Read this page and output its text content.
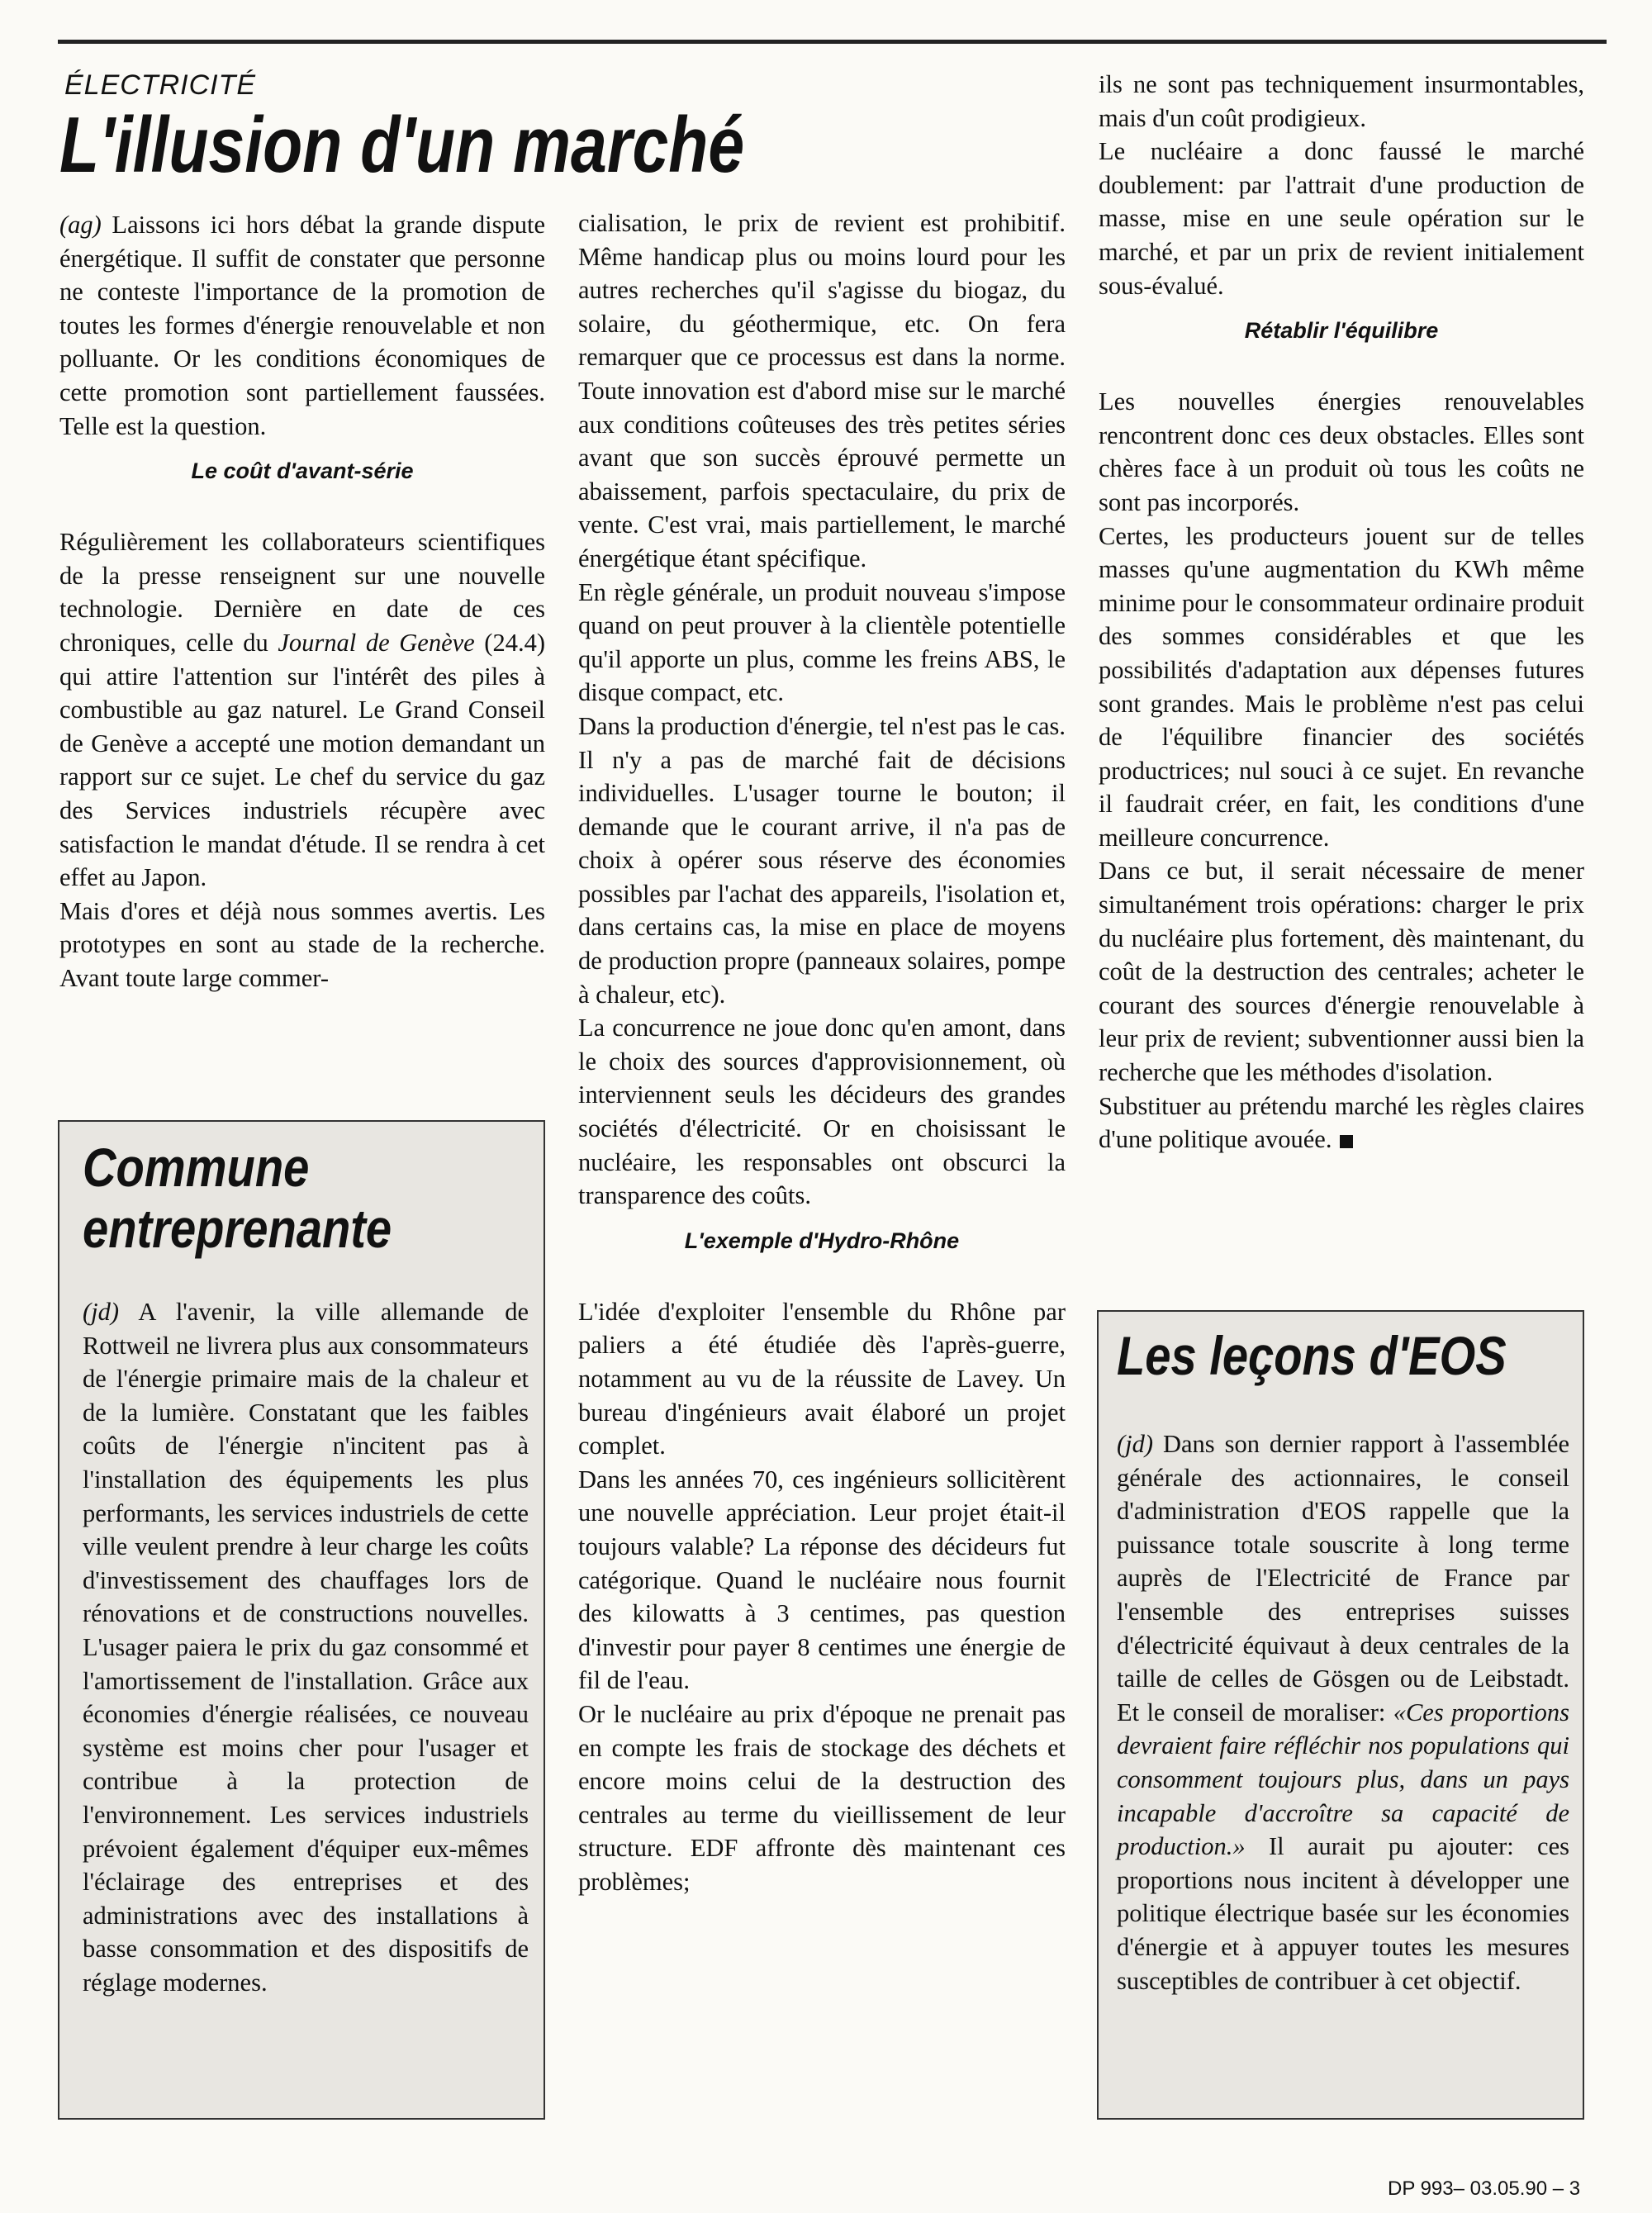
ÉLECTRICITÉ
L'illusion d'un marché

(ag) Laissons ici hors débat la grande dispute énergétique. Il suffit de constater que personne ne conteste l'importance de la promotion de toutes les formes d'énergie renouvelable et non polluante. Or les conditions économiques de cette promotion sont partiellement faussées. Telle est la question.

Le coût d'avant-série

Régulièrement les collaborateurs scientifiques de la presse renseignent sur une nouvelle technologie. Dernière en date de ces chroniques, celle du Journal de Genève (24.4) qui attire l'attention sur l'intérêt des piles à combustible au gaz naturel. Le Grand Conseil de Genève a accepté une motion demandant un rapport sur ce sujet. Le chef du service du gaz des Services industriels récupère avec satisfaction le mandat d'étude. Il se rendra à cet effet au Japon.

Mais d'ores et déjà nous sommes avertis. Les prototypes en sont au stade de la recherche. Avant toute large commer-

cialisation, le prix de revient est prohibitif. Même handicap plus ou moins lourd pour les autres recherches qu'il s'agisse du biogaz, du solaire, du géothermique, etc. On fera remarquer que ce processus est dans la norme. Toute innovation est d'abord mise sur le marché aux conditions coûteuses des très petites séries avant que son succès éprouvé permette un abaissement, parfois spectaculaire, du prix de vente. C'est vrai, mais partiellement, le marché énergétique étant spécifique.

En règle générale, un produit nouveau s'impose quand on peut prouver à la clientèle potentielle qu'il apporte un plus, comme les freins ABS, le disque compact, etc.

Dans la production d'énergie, tel n'est pas le cas. Il n'y a pas de marché fait de décisions individuelles. L'usager tourne le bouton; il demande que le courant arrive, il n'a pas de choix à opérer sous réserve des économies possibles par l'achat des appareils, l'isolation et, dans certains cas, la mise en place de moyens de production propre (panneaux solaires, pompe à chaleur, etc).

La concurrence ne joue donc qu'en amont, dans le choix des sources d'approvisionnement, où interviennent seuls les décideurs des grandes sociétés d'électricité. Or en choisissant le nucléaire, les responsables ont obscurci la transparence des coûts.

L'exemple d'Hydro-Rhône

L'idée d'exploiter l'ensemble du Rhône par paliers a été étudiée dès l'après-guerre, notamment au vu de la réussite de Lavey. Un bureau d'ingénieurs avait élaboré un projet complet.

Dans les années 70, ces ingénieurs sollicitèrent une nouvelle appréciation. Leur projet était-il toujours valable? La réponse des décideurs fut catégorique. Quand le nucléaire nous fournit des kilowatts à 3 centimes, pas question d'investir pour payer 8 centimes une énergie de fil de l'eau.

Or le nucléaire au prix d'époque ne prenait pas en compte les frais de stockage des déchets et encore moins celui de la destruction des centrales au terme du vieillissement de leur structure. EDF affronte dès maintenant ces problèmes;

ils ne sont pas techniquement insurmontables, mais d'un coût prodigieux.

Le nucléaire a donc faussé le marché doublement: par l'attrait d'une production de masse, mise en une seule opération sur le marché, et par un prix de revient initialement sous-évalué.

Rétablir l'équilibre

Les nouvelles énergies renouvelables rencontrent donc ces deux obstacles. Elles sont chères face à un produit où tous les coûts ne sont pas incorporés.

Certes, les producteurs jouent sur de telles masses qu'une augmentation du KWh même minime pour le consommateur ordinaire produit des sommes considérables et que les possibilités d'adaptation aux dépenses futures sont grandes. Mais le problème n'est pas celui de l'équilibre financier des sociétés productrices; nul souci à ce sujet. En revanche il faudrait créer, en fait, les conditions d'une meilleure concurrence.

Dans ce but, il serait nécessaire de mener simultanément trois opérations: charger le prix du nucléaire plus fortement, dès maintenant, du coût de la destruction des centrales; acheter le courant des sources d'énergie renouvelable à leur prix de revient; subventionner aussi bien la recherche que les méthodes d'isolation.

Substituer au prétendu marché les règles claires d'une politique avouée.

Commune
entreprenante

(jd) A l'avenir, la ville allemande de Rottweil ne livrera plus aux consommateurs de l'énergie primaire mais de la chaleur et de la lumière. Constatant que les faibles coûts de l'énergie n'incitent pas à l'installation des équipements les plus performants, les services industriels de cette ville veulent prendre à leur charge les coûts d'investissement des chauffages lors de rénovations et de constructions nouvelles. L'usager paiera le prix du gaz consommé et l'amortissement de l'installation. Grâce aux économies d'énergie réalisées, ce nouveau système est moins cher pour l'usager et contribue à la protection de l'environnement. Les services industriels prévoient également d'équiper eux-mêmes l'éclairage des entreprises et des administrations avec des installations à basse consommation et des dispositifs de réglage modernes.

Les leçons d'EOS

(jd) Dans son dernier rapport à l'assemblée générale des actionnaires, le conseil d'administration d'EOS rappelle que la puissance totale souscrite à long terme auprès de l'Electricité de France par l'ensemble des entreprises suisses d'électricité équivaut à deux centrales de la taille de celles de Gösgen ou de Leibstadt. Et le conseil de moraliser: «Ces proportions devraient faire réfléchir nos populations qui consomment toujours plus, dans un pays incapable d'accroître sa capacité de production.» Il aurait pu ajouter: ces proportions nous incitent à développer une politique électrique basée sur les économies d'énergie et à appuyer toutes les mesures susceptibles de contribuer à cet objectif.

DP 993– 03.05.90 – 3
